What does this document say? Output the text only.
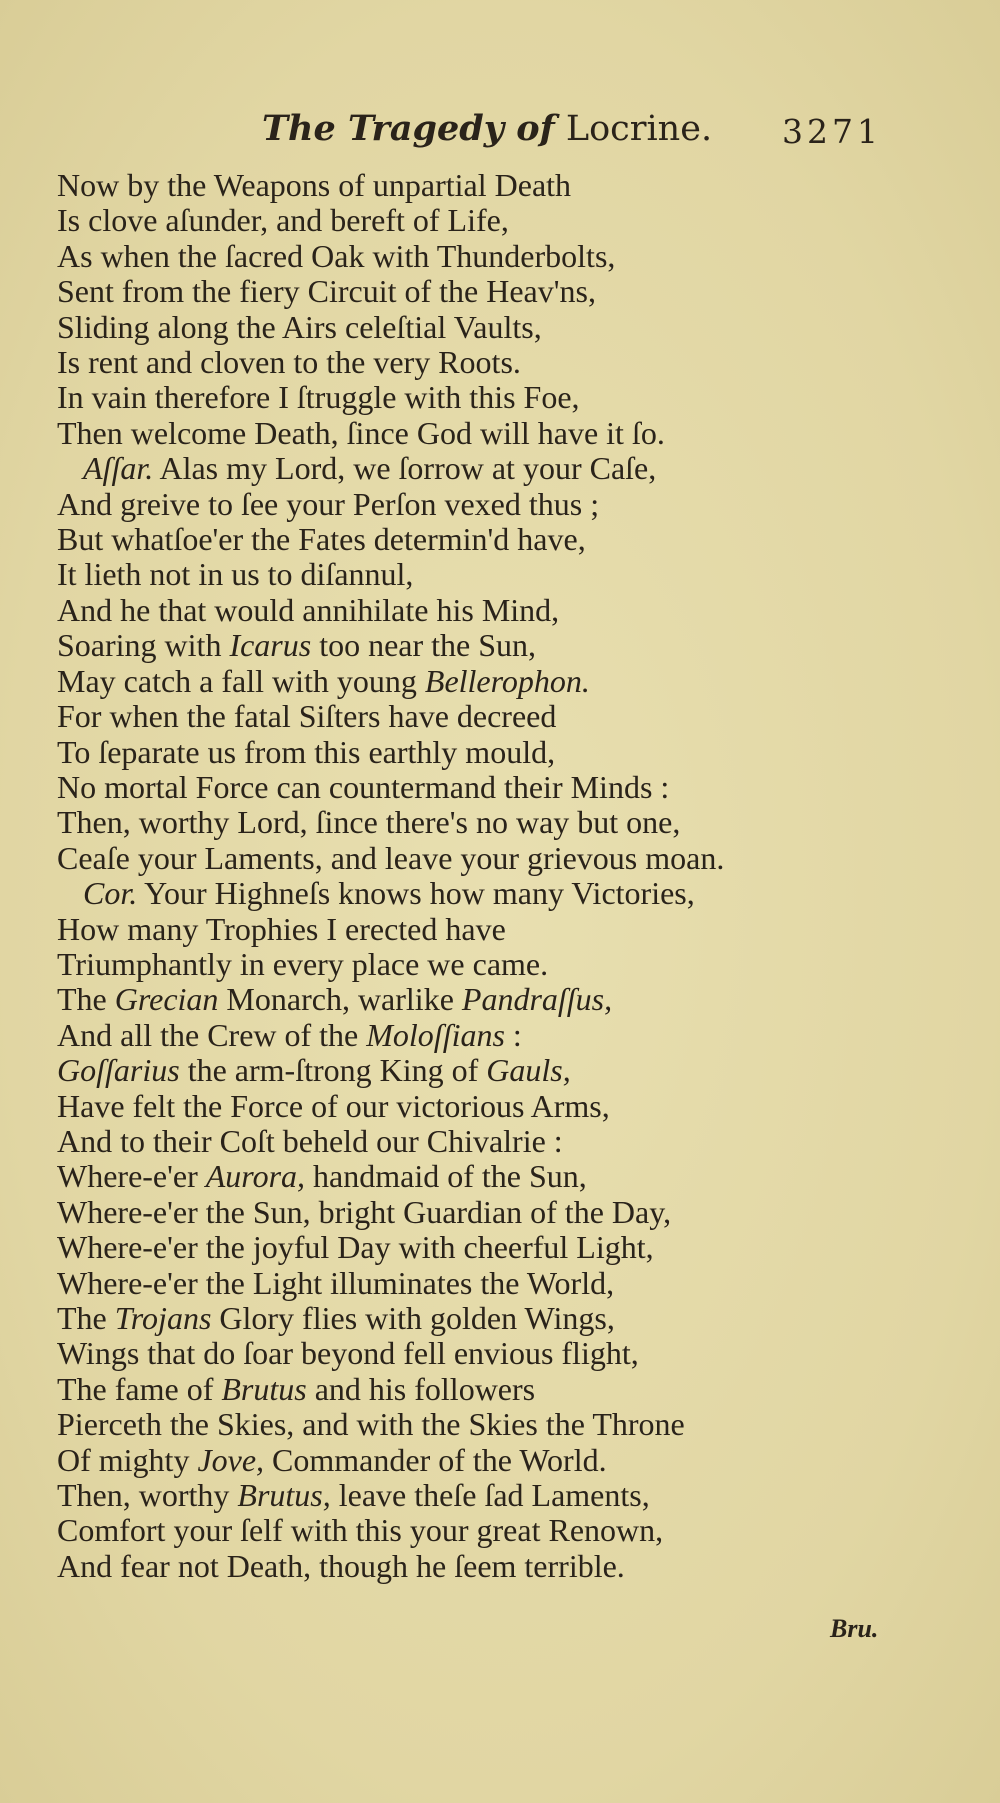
The Tragedy of Locrine. 3271
Now by the Weapons of unpartial Death
Is clove aſunder, and bereft of Life,
As when the ſacred Oak with Thunderbolts,
Sent from the fiery Circuit of the Heav'ns,
Sliding along the Airs celeſtial Vaults,
Is rent and cloven to the very Roots.
In vain therefore I ſtruggle with this Foe,
Then welcome Death, ſince God will have it ſo.
Aſſar. Alas my Lord, we ſorrow at your Caſe,
And greive to ſee your Perſon vexed thus ;
But whatſoe'er the Fates determin'd have,
It lieth not in us to diſannul,
And he that would annihilate his Mind,
Soaring with Icarus too near the Sun,
May catch a fall with young Bellerophon.
For when the fatal Siſters have decreed
To ſeparate us from this earthly mould,
No mortal Force can countermand their Minds :
Then, worthy Lord, ſince there's no way but one,
Ceaſe your Laments, and leave your grievous moan.
Cor. Your Highneſs knows how many Victories,
How many Trophies I erected have
Triumphantly in every place we came.
The Grecian Monarch, warlike Pandraſſus,
And all the Crew of the Moloſſians :
Goſſarius the arm-ſtrong King of Gauls,
Have felt the Force of our victorious Arms,
And to their Coſt beheld our Chivalrie :
Where-e'er Aurora, handmaid of the Sun,
Where-e'er the Sun, bright Guardian of the Day,
Where-e'er the joyful Day with cheerful Light,
Where-e'er the Light illuminates the World,
The Trojans Glory flies with golden Wings,
Wings that do ſoar beyond fell envious flight,
The fame of Brutus and his followers
Pierceth the Skies, and with the Skies the Throne
Of mighty Jove, Commander of the World.
Then, worthy Brutus, leave theſe ſad Laments,
Comfort your ſelf with this your great Renown,
And fear not Death, though he ſeem terrible.
Bru.
